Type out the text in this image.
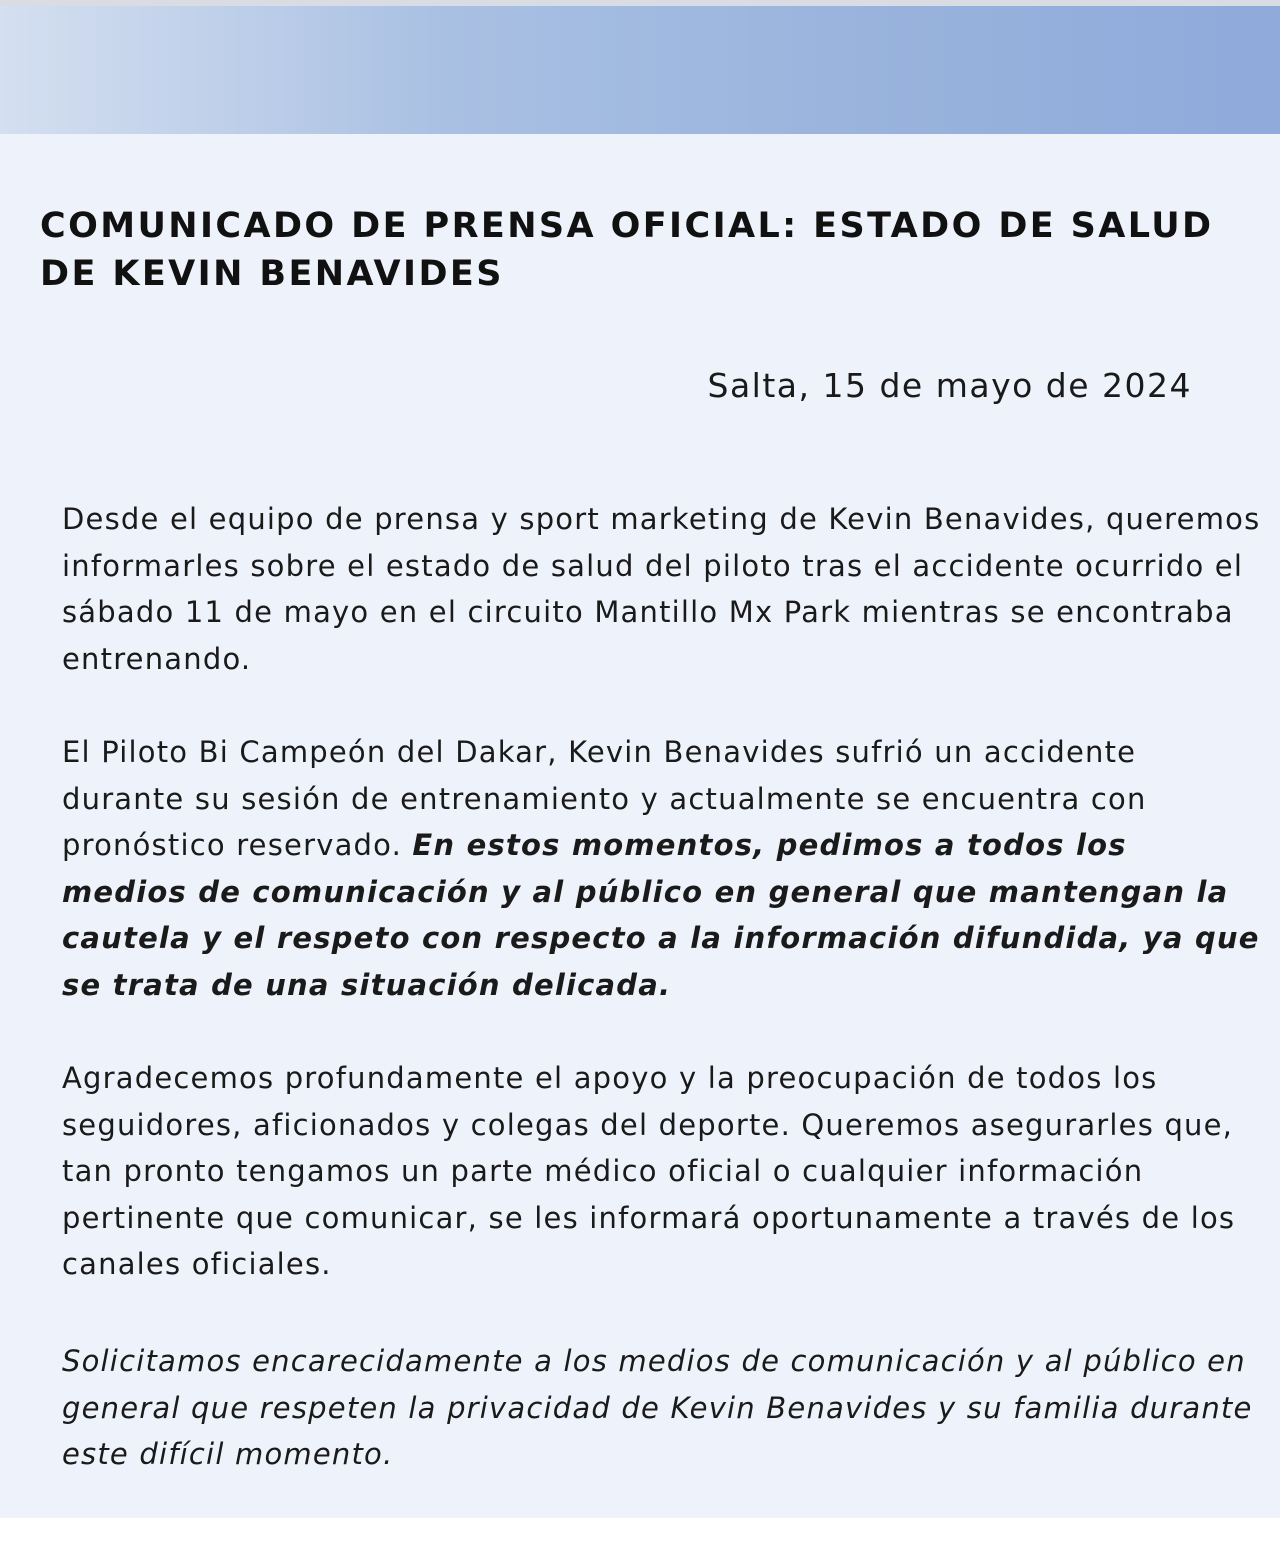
COMUNICADO DE PRENSA OFICIAL: ESTADO DE SALUD DE KEVIN BENAVIDES

Salta, 15 de mayo de 2024

Desde el equipo de prensa y sport marketing de Kevin Benavides, queremos informarles sobre el estado de salud del piloto tras el accidente ocurrido el sábado 11 de mayo en el circuito Mantillo Mx Park mientras se encontraba entrenando.

El Piloto Bi Campeón del Dakar, Kevin Benavides sufrió un accidente durante su sesión de entrenamiento y actualmente se encuentra con pronóstico reservado. En estos momentos, pedimos a todos los medios de comunicación y al público en general que mantengan la cautela y el respeto con respecto a la información difundida, ya que se trata de una situación delicada.

Agradecemos profundamente el apoyo y la preocupación de todos los seguidores, aficionados y colegas del deporte. Queremos asegurarles que, tan pronto tengamos un parte médico oficial o cualquier información pertinente que comunicar, se les informará oportunamente a través de los canales oficiales.

Solicitamos encarecidamente a los medios de comunicación y al público en general que respeten la privacidad de Kevin Benavides y su familia durante este difícil momento.
